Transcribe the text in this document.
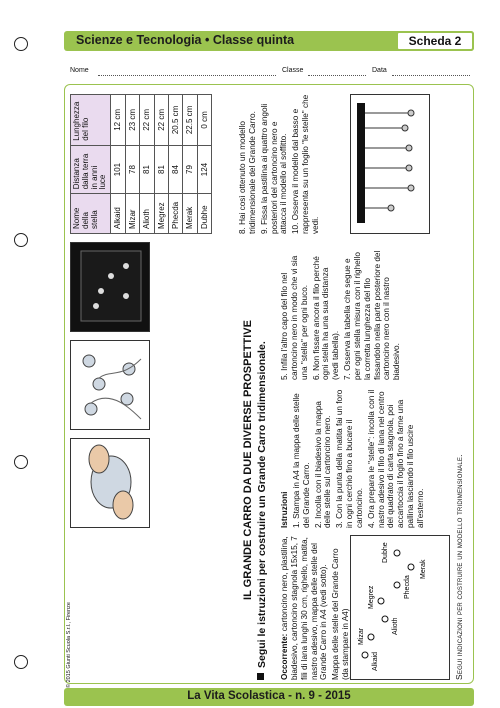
Scienze e Tecnologia • Classe quinta	Scheda 2
Nome	Classe	Data
© 2015 Giunti Scuola S.r.l., Firenze
IL GRANDE CARRO DA DUE DIVERSE PROSPETTIVE Segui le istruzioni per costruire un Grande Carro tridimensionale. Occorrente: cartoncino nero, plastilina, biadesivo, cartoncino stagnola 15x15, 7 fili di lana lunghi 30 cm, righello, matita, nastro adesivo, mappa delle stelle del Grande Carro in A4 (vedi sotto). Mappa delle stelle del Grande Carro (da stampare in A4)	Alkaid
Mizar
Alioth
Megrez
Merak
Phecda
Dubhe

Istruzioni 1. Stampa in A4 la mappa delle stelle del Grande Carro. 2. Incolla con il biadesivo la mappa delle stelle sul cartoncino nero. 3. Con la punta della matita fai un foro in ogni cerchio fino a bucare il cartoncino. 4. Ora prepara le "stelle": incolla con il nastro adesivo il filo di lana nel centro del quadrato di carta stagnola, poi accartoccia il foglio fino a farne una pallina lasciando il filo uscire all'esterno.

5. Infila l'altro capo del filo nel cartoncino nero in modo che vi sia una "stella" per ogni buco. 6. Non fissare ancora il filo perché ogni stella ha una sua distanza (vedi tabella). 7. Osserva la tabella che segue e per ogni stella misura con il righello la corretta lunghezza del filo fissandolo nella parte posteriore del cartoncino nero con il nastro biadesivo.

Nome della stella	Distanza dalla terra in anni luce	Lunghezza del filo
Alkaid	101	12 cm
Mizar	78	23 cm
Alioth	81	22 cm
Megrez	81	22 cm
Phecda	84	20.5 cm
Merak	79	22.5 cm
Dubhe	124	0 cm

8. Hai così ottenuto un modello tridimensionale del Grande Carro. 9. Fissa la pastilina ai quattro angoli posteriori del cartoncino nero e attacca il modello al soffitto. 10. Osserva il modello dal basso e rappresenta su un foglio "le stelle" che vedi.

Segui indicazioni per costruire un modello tridimensionale.
La Vita Scolastica - n. 9 - 2015
